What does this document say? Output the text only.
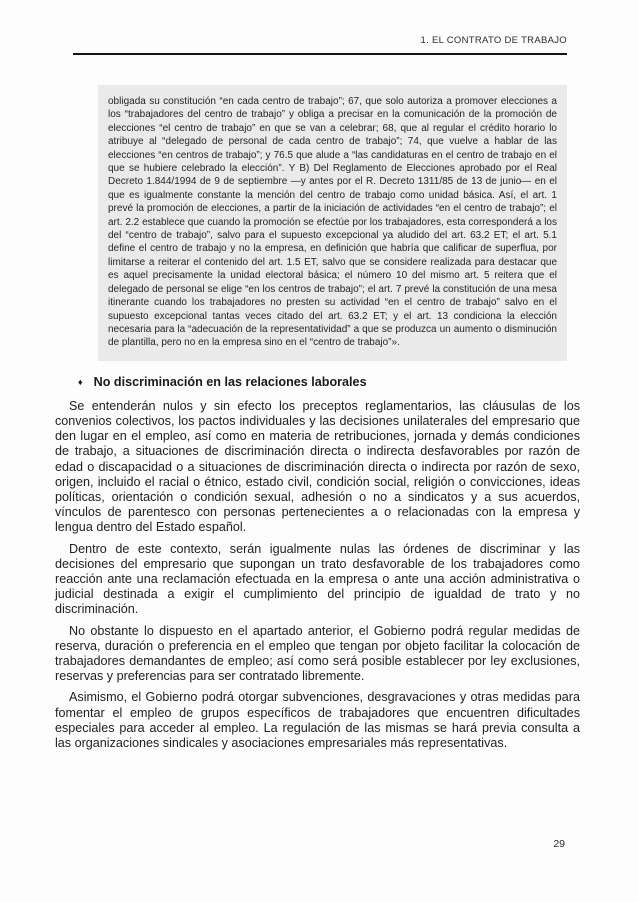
1. EL CONTRATO DE TRABAJO
obligada su constitución “en cada centro de trabajo”; 67, que solo autoriza a promover elecciones a los “trabajadores del centro de trabajo” y obliga a precisar en la comunicación de la promoción de elecciones “el centro de trabajo” en que se van a celebrar; 68, que al regular el crédito horario lo atribuye al “delegado de personal de cada centro de trabajo”; 74, que vuelve a hablar de las elecciones “en centros de trabajo”; y 76.5 que alude a “las candidaturas en el centro de trabajo en el que se hubiere celebrado la elección”. Y B) Del Reglamento de Elecciones aprobado por el Real Decreto 1.844/1994 de 9 de septiembre —y antes por el R. Decreto 1311/85 de 13 de junio— en el que es igualmente constante la mención del centro de trabajo como unidad básica. Así, el art. 1 prevé la promoción de elecciones, a partir de la iniciación de actividades “en el centro de trabajo”; el art. 2.2 establece que cuando la promoción se efectúe por los trabajadores, esta corresponderá a los del “centro de trabajo”, salvo para el supuesto excepcional ya aludido del art. 63.2 ET; el art. 5.1 define el centro de trabajo y no la empresa, en definición que habría que calificar de superflua, por limitarse a reiterar el contenido del art. 1.5 ET, salvo que se considere realizada para destacar que es aquel precisamente la unidad electoral básica; el número 10 del mismo art. 5 reitera que el delegado de personal se elige “en los centros de trabajo”; el art. 7 prevé la constitución de una mesa itinerante cuando los trabajadores no presten su actividad “en el centro de trabajo” salvo en el supuesto excepcional tantas veces citado del art. 63.2 ET; y el art. 13 condiciona la elección necesaria para la “adecuación de la representatividad” a que se produzca un aumento o disminución de plantilla, pero no en la empresa sino en el “centro de trabajo”».
♦ No discriminación en las relaciones laborales

Se entenderán nulos y sin efecto los preceptos reglamentarios, las cláusulas de los convenios colectivos, los pactos individuales y las decisiones unilaterales del empresario que den lugar en el empleo, así como en materia de retribuciones, jornada y demás condiciones de trabajo, a situaciones de discriminación directa o indirecta desfavorables por razón de edad o discapacidad o a situaciones de discriminación directa o indirecta por razón de sexo, origen, incluido el racial o étnico, estado civil, condición social, religión o convicciones, ideas políticas, orientación o condición sexual, adhesión o no a sindicatos y a sus acuerdos, vínculos de parentesco con personas pertenecientes a o relacionadas con la empresa y lengua dentro del Estado español.

Dentro de este contexto, serán igualmente nulas las órdenes de discriminar y las decisiones del empresario que supongan un trato desfavorable de los trabajadores como reacción ante una reclamación efectuada en la empresa o ante una acción administrativa o judicial destinada a exigir el cumplimiento del principio de igualdad de trato y no discriminación.

No obstante lo dispuesto en el apartado anterior, el Gobierno podrá regular medidas de reserva, duración o preferencia en el empleo que tengan por objeto facilitar la colocación de trabajadores demandantes de empleo; así como será posible establecer por ley exclusiones, reservas y preferencias para ser contratado libremente.

Asimismo, el Gobierno podrá otorgar subvenciones, desgravaciones y otras medidas para fomentar el empleo de grupos específicos de trabajadores que encuentren dificultades especiales para acceder al empleo. La regulación de las mismas se hará previa consulta a las organizaciones sindicales y asociaciones empresariales más representativas.

29
